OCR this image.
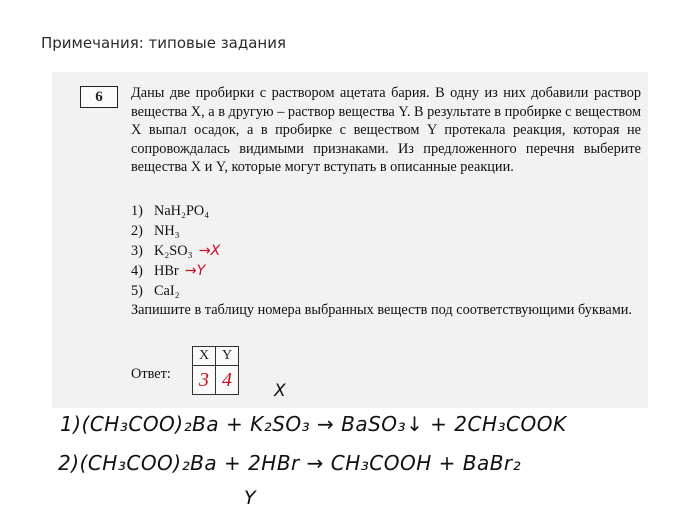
Примечания: типовые задания
6	Даны две пробирки с раствором ацетата бария. В одну из них добавили раствор вещества X, а в другую – раствор вещества Y. В результате в пробирке с веществом X выпал осадок, а в пробирке с веществом Y протекала реакция, которая не сопровождалась видимыми признаками. Из предложенного перечня выберите вещества X и Y, которые могут вступать в описанные реакции.
1) NaH₂PO₄
2) NH₃
3) K₂SO₃ →X
4) HBr →Y
5) CaI₂
Запишите в таблицу номера выбранных веществ под соответствующими буквами.
Ответ:
X	Y
3	4
X
1)(CH₃COO)₂Ba + K₂SO₃ → BaSO₃↓ + 2CH₃COOK
2)(CH₃COO)₂Ba + 2HBr → CH₃COOH + BaBr₂
Y
